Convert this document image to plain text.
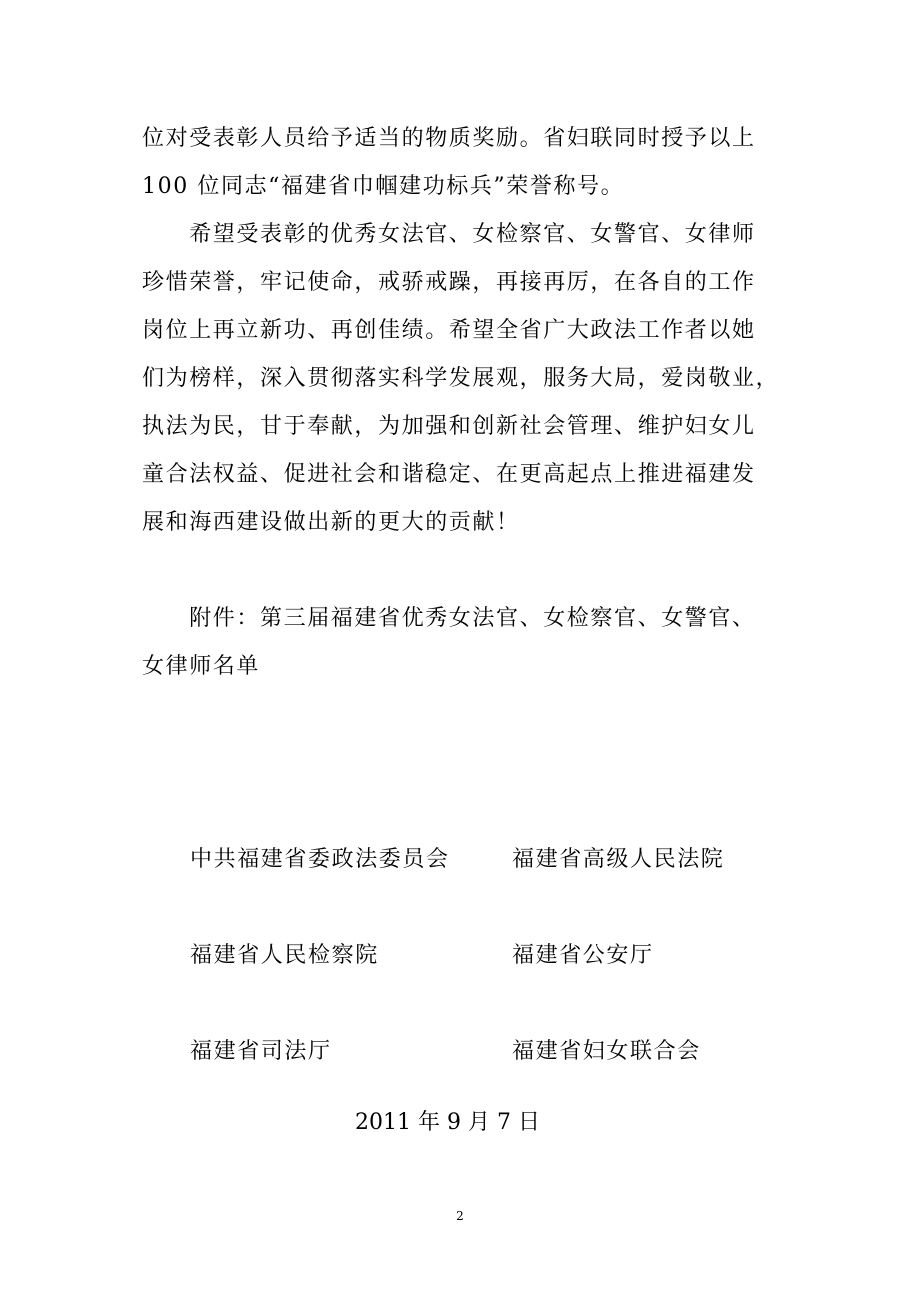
位对受表彰人员给予适当的物质奖励。省妇联同时授予以上
100 位同志“福建省巾帼建功标兵”荣誉称号。
　　希望受表彰的优秀女法官、女检察官、女警官、女律师
珍惜荣誉，牢记使命，戒骄戒躁，再接再厉，在各自的工作
岗位上再立新功、再创佳绩。希望全省广大政法工作者以她
们为榜样，深入贯彻落实科学发展观，服务大局，爱岗敬业，
执法为民，甘于奉献，为加强和创新社会管理、维护妇女儿
童合法权益、促进社会和谐稳定、在更高起点上推进福建发
展和海西建设做出新的更大的贡献！
　　附件：第三届福建省优秀女法官、女检察官、女警官、
女律师名单
中共福建省委政法委员会	福建省高级人民法院
福建省人民检察院	福建省公安厅
福建省司法厅	福建省妇女联合会
2011 年 9 月 7 日
2
